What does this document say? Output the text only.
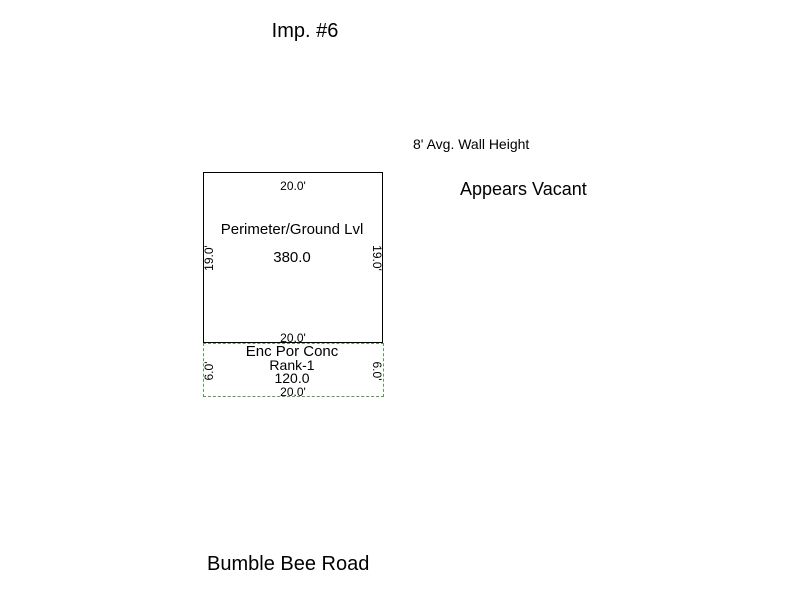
Imp. #6
8' Avg. Wall Height
Appears Vacant
20.0'
Perimeter/Ground Lvl
380.0
19.0'	19.0'
20.0'
Enc Por Conc
Rank-1
120.0
6.0'	6.0'
20.0'
Bumble Bee Road
